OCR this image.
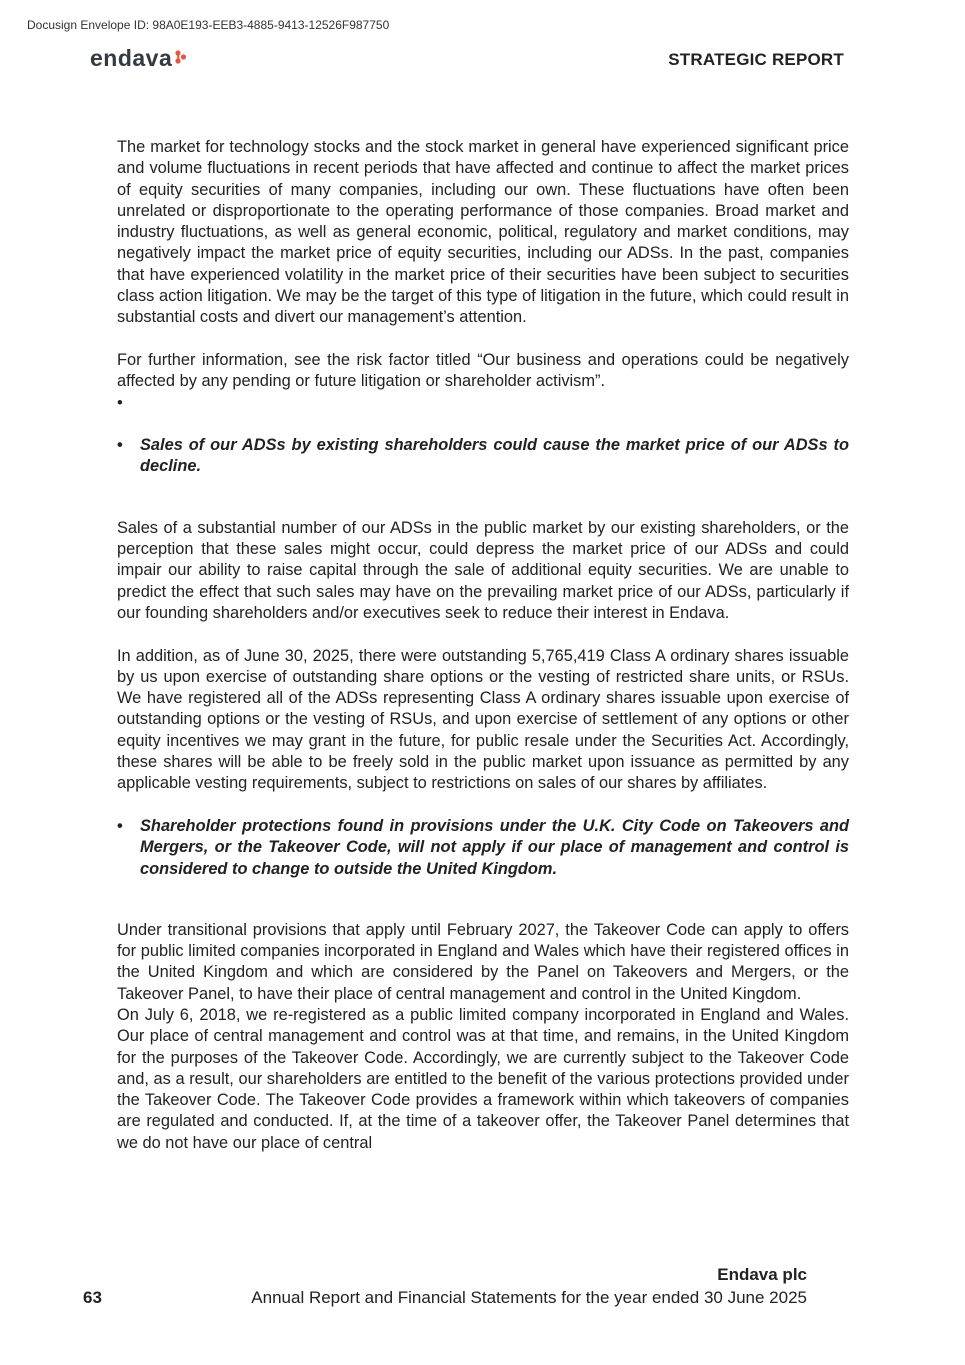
Docusign Envelope ID: 98A0E193-EEB3-4885-9413-12526F987750
endava	STRATEGIC REPORT

The market for technology stocks and the stock market in general have experienced significant price and volume fluctuations in recent periods that have affected and continue to affect the market prices of equity securities of many companies, including our own. These fluctuations have often been unrelated or disproportionate to the operating performance of those companies. Broad market and industry fluctuations, as well as general economic, political, regulatory and market conditions, may negatively impact the market price of equity securities, including our ADSs. In the past, companies that have experienced volatility in the market price of their securities have been subject to securities class action litigation. We may be the target of this type of litigation in the future, which could result in substantial costs and divert our management’s attention.

For further information, see the risk factor titled “Our business and operations could be negatively affected by any pending or future litigation or shareholder activism”.

•
• Sales of our ADSs by existing shareholders could cause the market price of our ADSs to decline.

Sales of a substantial number of our ADSs in the public market by our existing shareholders, or the perception that these sales might occur, could depress the market price of our ADSs and could impair our ability to raise capital through the sale of additional equity securities. We are unable to predict the effect that such sales may have on the prevailing market price of our ADSs, particularly if our founding shareholders and/or executives seek to reduce their interest in Endava.

In addition, as of June 30, 2025, there were outstanding 5,765,419 Class A ordinary shares issuable by us upon exercise of outstanding share options or the vesting of restricted share units, or RSUs. We have registered all of the ADSs representing Class A ordinary shares issuable upon exercise of outstanding options or the vesting of RSUs, and upon exercise of settlement of any options or other equity incentives we may grant in the future, for public resale under the Securities Act. Accordingly, these shares will be able to be freely sold in the public market upon issuance as permitted by any applicable vesting requirements, subject to restrictions on sales of our shares by affiliates.

• Shareholder protections found in provisions under the U.K. City Code on Takeovers and Mergers, or the Takeover Code, will not apply if our place of management and control is considered to change to outside the United Kingdom.

Under transitional provisions that apply until February 2027, the Takeover Code can apply to offers for public limited companies incorporated in England and Wales which have their registered offices in the United Kingdom and which are considered by the Panel on Takeovers and Mergers, or the Takeover Panel, to have their place of central management and control in the United Kingdom.

On July 6, 2018, we re-registered as a public limited company incorporated in England and Wales. Our place of central management and control was at that time, and remains, in the United Kingdom for the purposes of the Takeover Code. Accordingly, we are currently subject to the Takeover Code and, as a result, our shareholders are entitled to the benefit of the various protections provided under the Takeover Code. The Takeover Code provides a framework within which takeovers of companies are regulated and conducted. If, at the time of a takeover offer, the Takeover Panel determines that we do not have our place of central

Endava plc
63	Annual Report and Financial Statements for the year ended 30 June 2025
